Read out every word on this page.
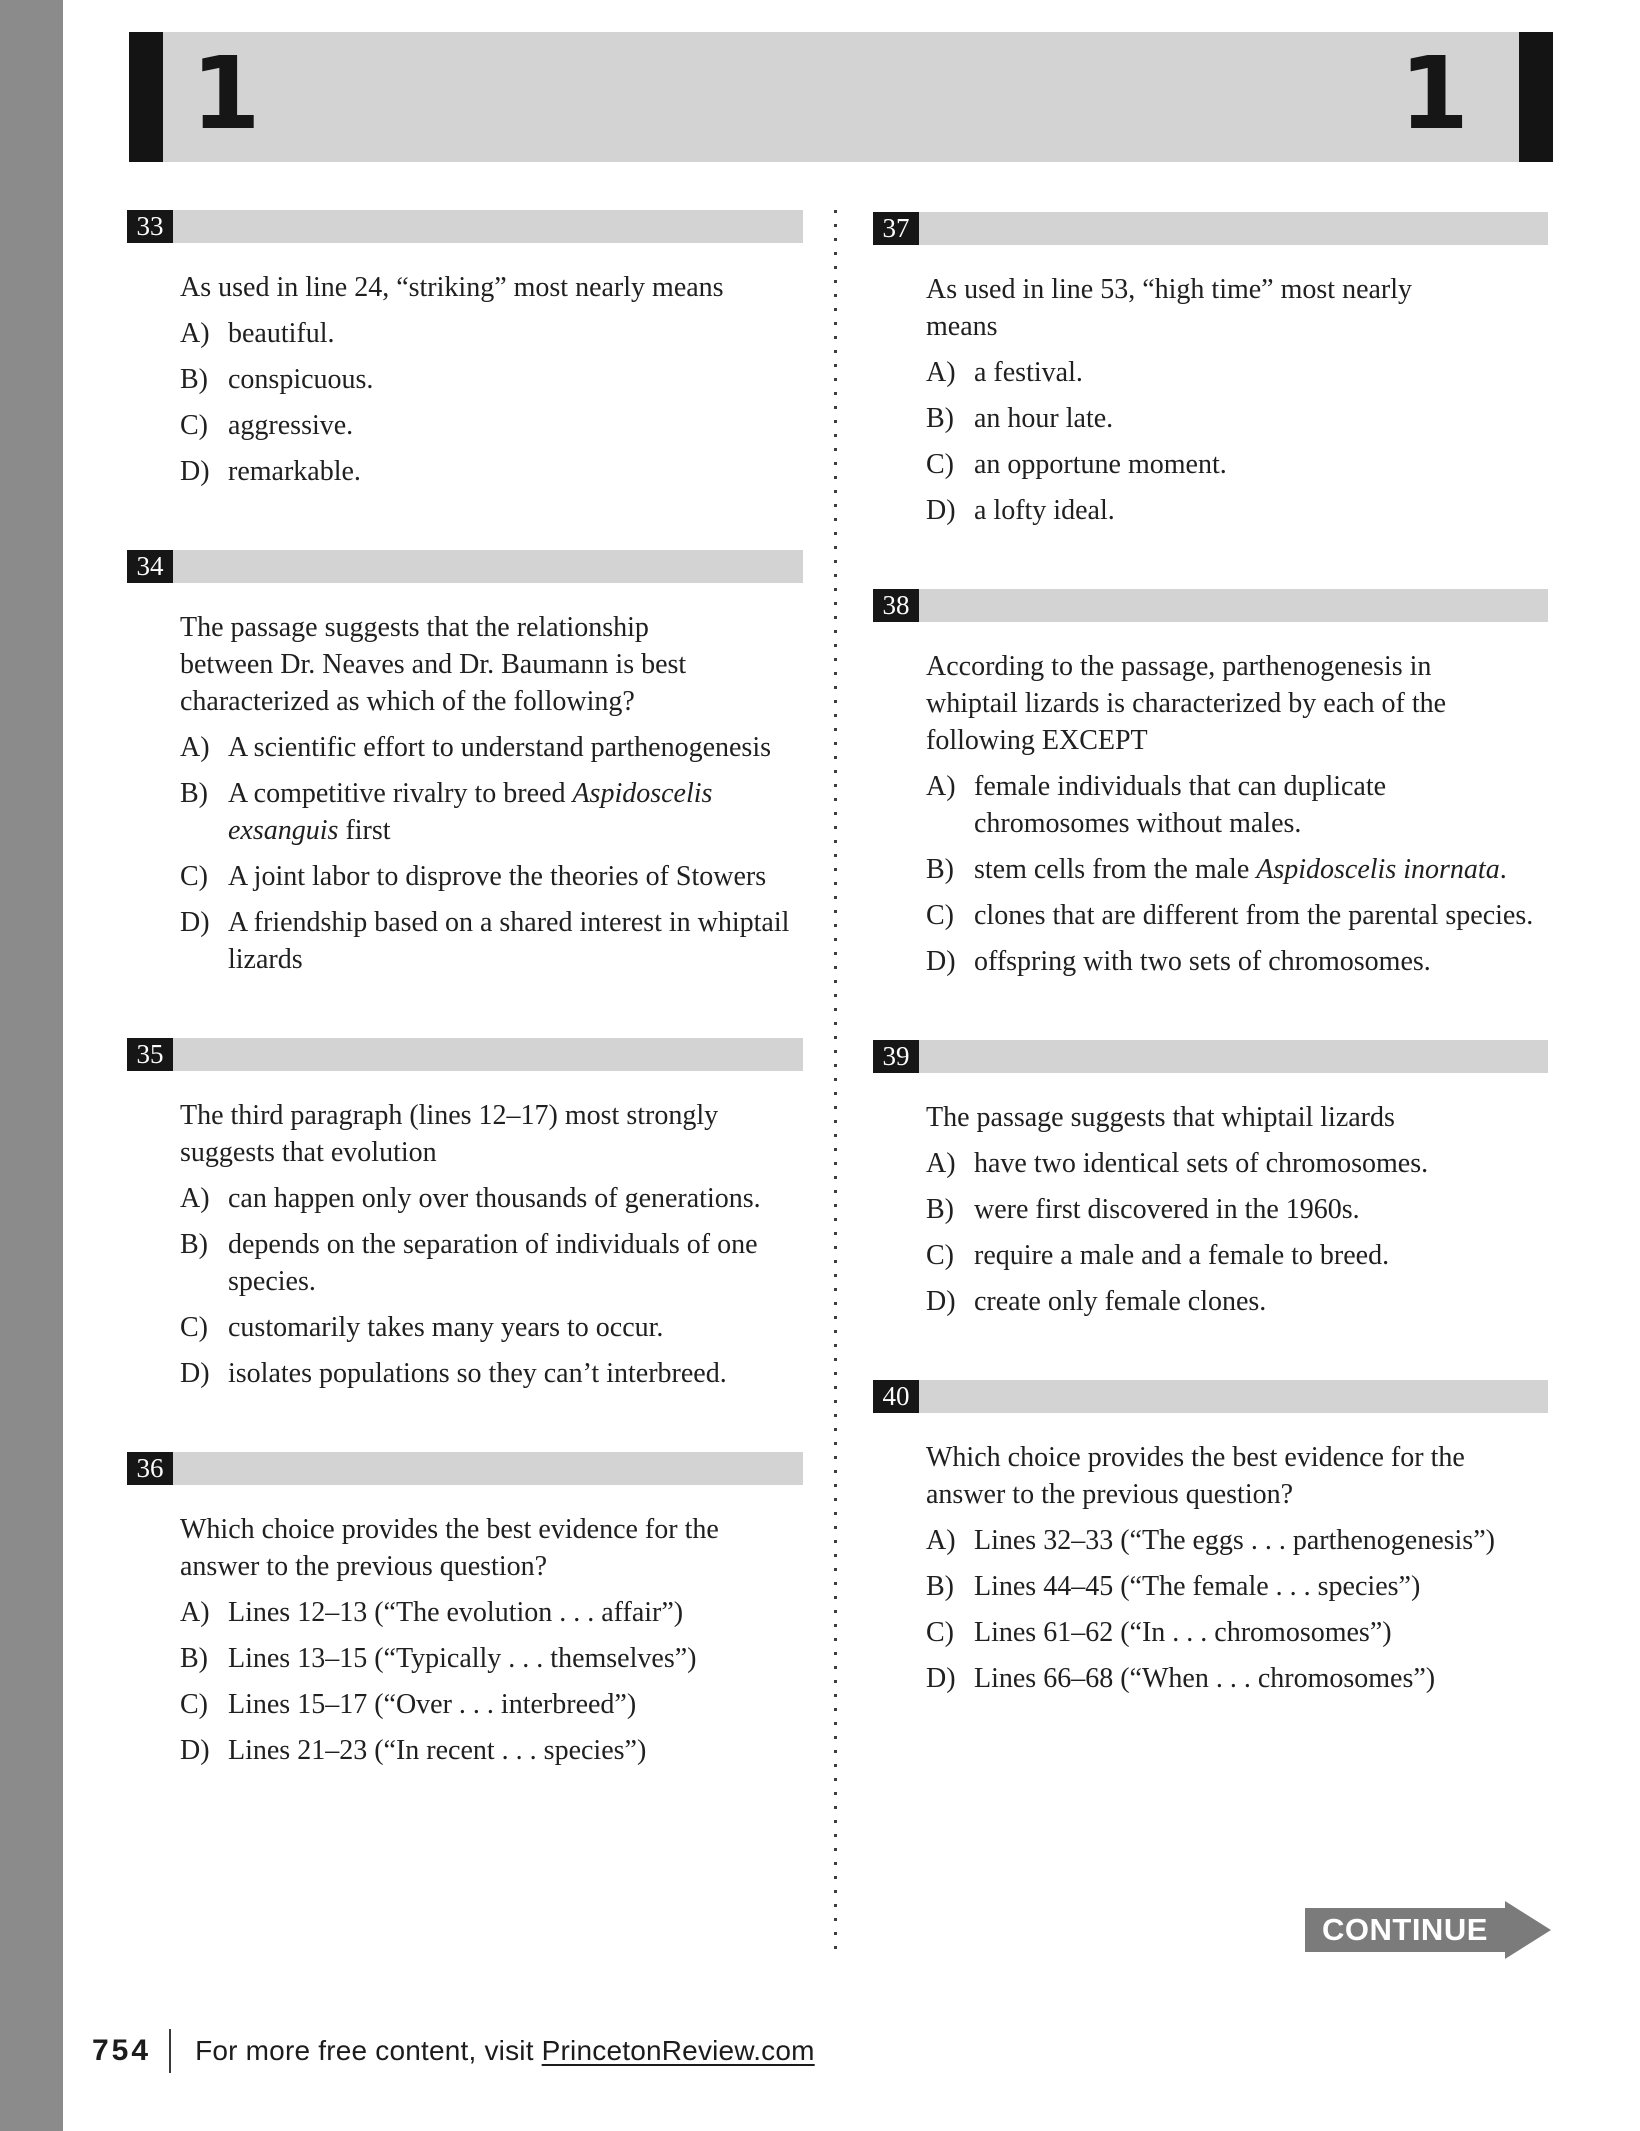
1	1
33

As used in line 24, “striking” most nearly means

A) beautiful.
B) conspicuous.
C) aggressive.
D) remarkable.
34

The passage suggests that the relationship between Dr. Neaves and Dr. Baumann is best characterized as which of the following?

A) A scientific effort to understand parthenogenesis
B) A competitive rivalry to breed Aspidoscelis exsanguis first
C) A joint labor to disprove the theories of Stowers
D) A friendship based on a shared interest in whiptail lizards
35

The third paragraph (lines 12–17) most strongly suggests that evolution

A) can happen only over thousands of generations.
B) depends on the separation of individuals of one species.
C) customarily takes many years to occur.
D) isolates populations so they can’t interbreed.
36

Which choice provides the best evidence for the answer to the previous question?

A) Lines 12–13 (“The evolution . . . affair”)
B) Lines 13–15 (“Typically . . . themselves”)
C) Lines 15–17 (“Over . . . interbreed”)
D) Lines 21–23 (“In recent . . . species”)
37

As used in line 53, “high time” most nearly means

A) a festival.
B) an hour late.
C) an opportune moment.
D) a lofty ideal.
38

According to the passage, parthenogenesis in whiptail lizards is characterized by each of the following EXCEPT

A) female individuals that can duplicate chromosomes without males.
B) stem cells from the male Aspidoscelis inornata.
C) clones that are different from the parental species.
D) offspring with two sets of chromosomes.
39

The passage suggests that whiptail lizards

A) have two identical sets of chromosomes.
B) were first discovered in the 1960s.
C) require a male and a female to breed.
D) create only female clones.
40

Which choice provides the best evidence for the answer to the previous question?

A) Lines 32–33 (“The eggs . . . parthenogenesis”)
B) Lines 44–45 (“The female . . . species”)
C) Lines 61–62 (“In . . . chromosomes”)
D) Lines 66–68 (“When . . . chromosomes”)
CONTINUE
754 For more free content, visit PrincetonReview.com
